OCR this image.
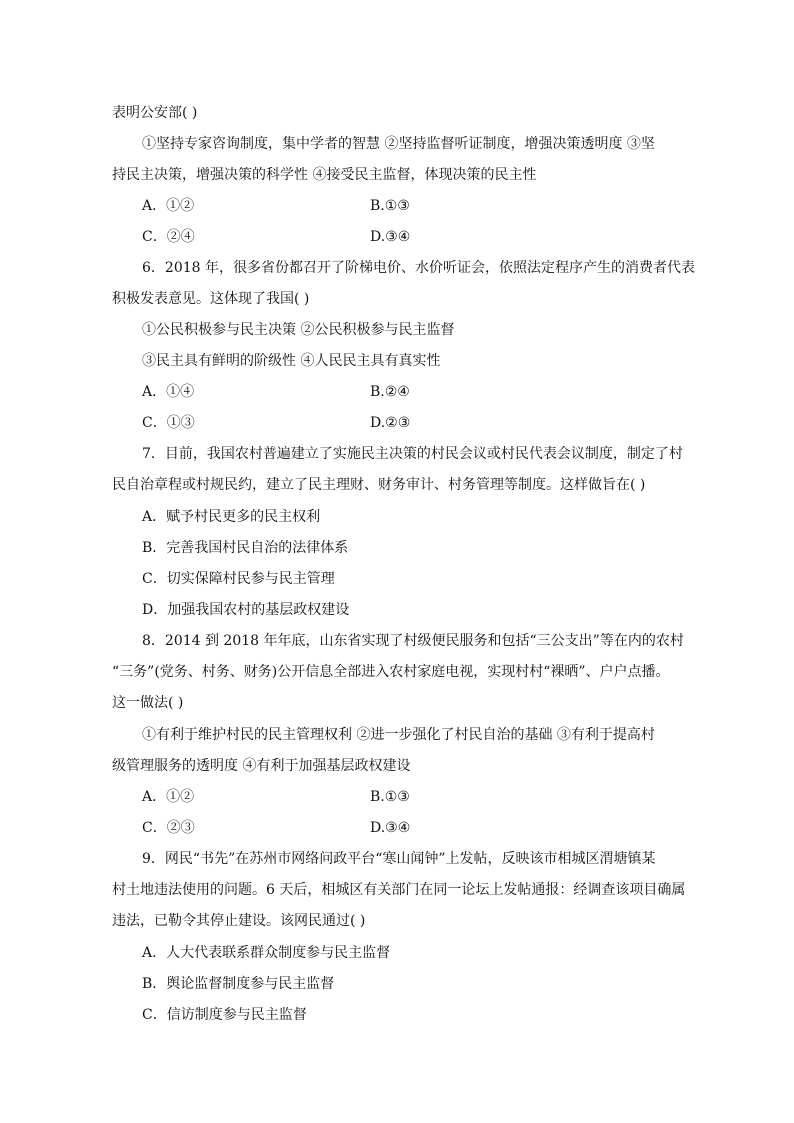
表明公安部( )
①坚持专家咨询制度，集中学者的智慧 ②坚持监督听证制度，增强决策透明度 ③坚
持民主决策，增强决策的科学性 ④接受民主监督，体现决策的民主性
A．①②	B.①③
C．②④	D.③④
6．2018 年，很多省份都召开了阶梯电价、水价听证会，依照法定程序产生的消费者代表
积极发表意见。这体现了我国( )
①公民积极参与民主决策 ②公民积极参与民主监督
③民主具有鲜明的阶级性 ④人民民主具有真实性
A．①④	B.②④
C．①③	D.②③
7．目前，我国农村普遍建立了实施民主决策的村民会议或村民代表会议制度，制定了村
民自治章程或村规民约，建立了民主理财、财务审计、村务管理等制度。这样做旨在( )
A．赋予村民更多的民主权利
B．完善我国村民自治的法律体系
C．切实保障村民参与民主管理
D．加强我国农村的基层政权建设
8．2014 到 2018 年年底，山东省实现了村级便民服务和包括“三公支出”等在内的农村
“三务”(党务、村务、财务)公开信息全部进入农村家庭电视，实现村村“裸晒”、户户点播。
这一做法( )
①有利于维护村民的民主管理权利 ②进一步强化了村民自治的基础 ③有利于提高村
级管理服务的透明度 ④有利于加强基层政权建设
A．①②	B.①③
C．②③	D.③④
9．网民“书先”在苏州市网络问政平台“寒山闻钟”上发帖，反映该市相城区渭塘镇某
村土地违法使用的问题。6 天后，相城区有关部门在同一论坛上发帖通报：经调查该项目确属
违法，已勒令其停止建设。该网民通过( )
A．人大代表联系群众制度参与民主监督
B．舆论监督制度参与民主监督
C．信访制度参与民主监督
